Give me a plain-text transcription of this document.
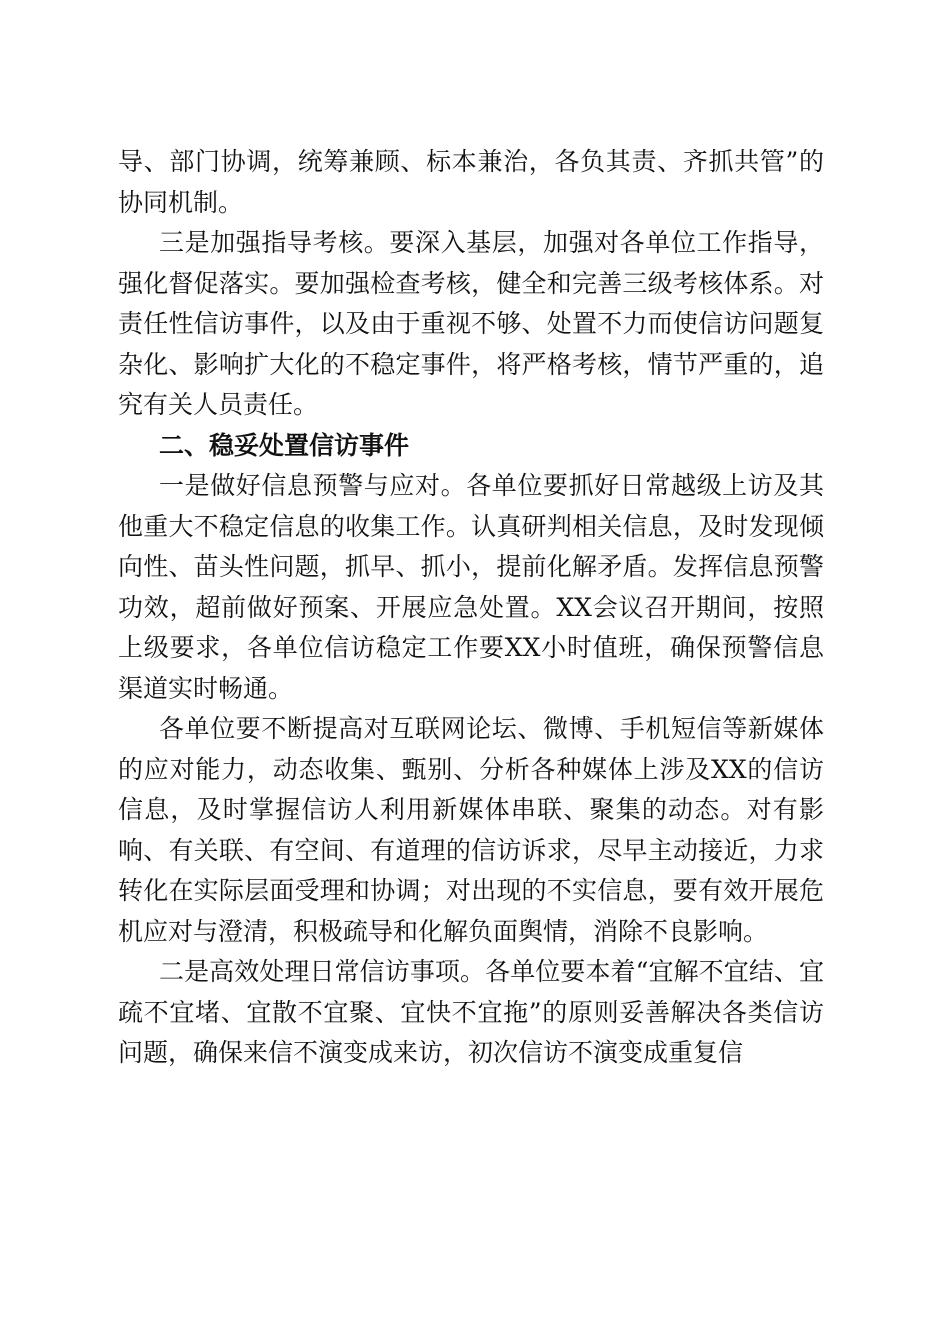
导、部门协调，统筹兼顾、标本兼治，各负其责、齐抓共管”的协同机制。

三是加强指导考核。要深入基层，加强对各单位工作指导，强化督促落实。要加强检查考核，健全和完善三级考核体系。对责任性信访事件，以及由于重视不够、处置不力而使信访问题复杂化、影响扩大化的不稳定事件，将严格考核，情节严重的，追究有关人员责任。

二、稳妥处置信访事件

一是做好信息预警与应对。各单位要抓好日常越级上访及其他重大不稳定信息的收集工作。认真研判相关信息，及时发现倾向性、苗头性问题，抓早、抓小，提前化解矛盾。发挥信息预警功效，超前做好预案、开展应急处置。XX会议召开期间，按照上级要求，各单位信访稳定工作要XX小时值班，确保预警信息渠道实时畅通。

各单位要不断提高对互联网论坛、微博、手机短信等新媒体的应对能力，动态收集、甄别、分析各种媒体上涉及XX的信访信息，及时掌握信访人利用新媒体串联、聚集的动态。对有影响、有关联、有空间、有道理的信访诉求，尽早主动接近，力求转化在实际层面受理和协调；对出现的不实信息，要有效开展危机应对与澄清，积极疏导和化解负面舆情，消除不良影响。

二是高效处理日常信访事项。各单位要本着“宜解不宜结、宜疏不宜堵、宜散不宜聚、宜快不宜拖”的原则妥善解决各类信访问题，确保来信不演变成来访，初次信访不演变成重复信
